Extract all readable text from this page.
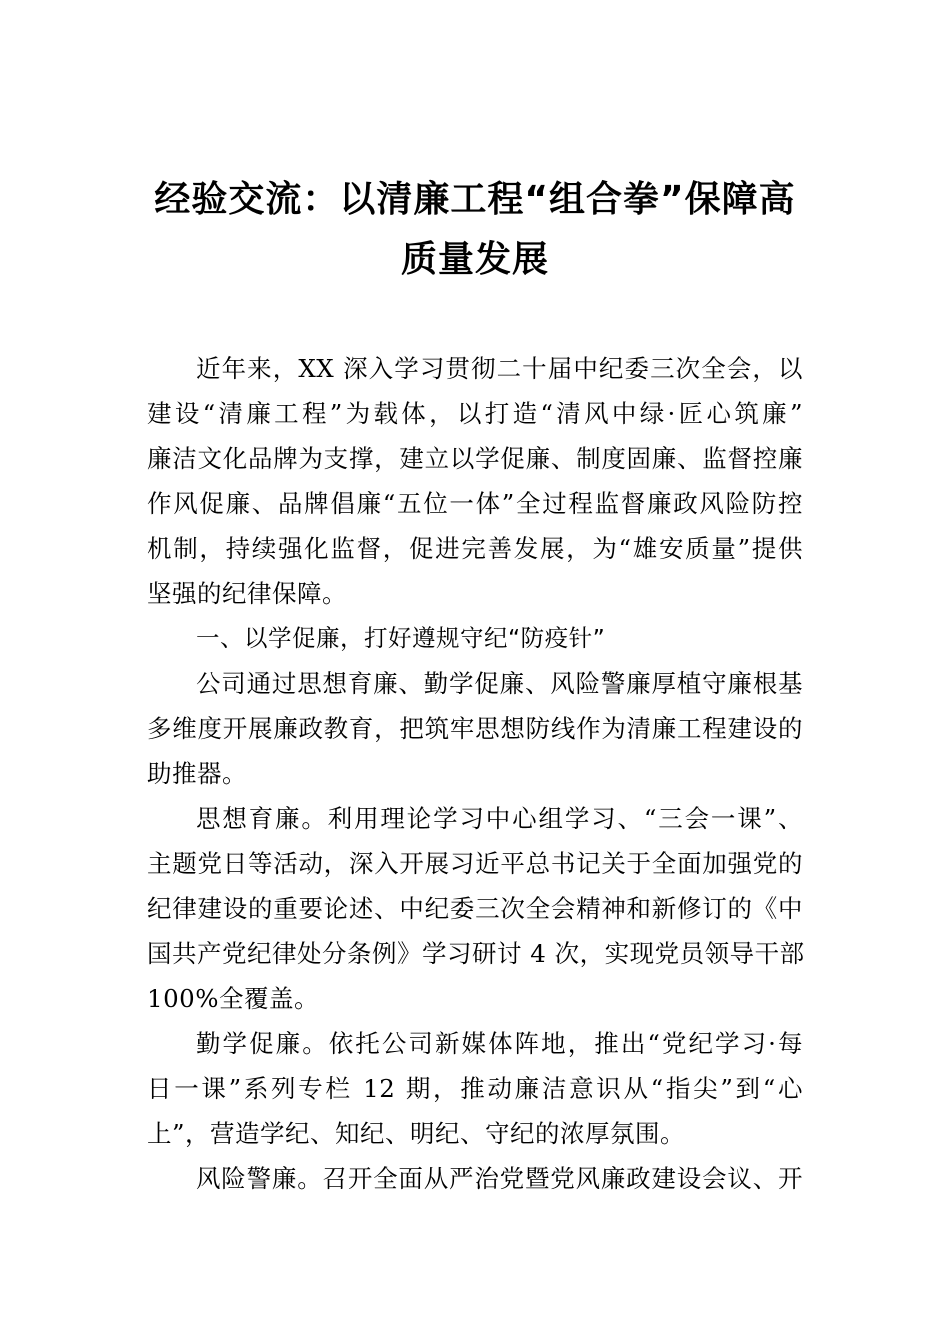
经验交流：以清廉工程“组合拳”保障高
质量发展
近年来，XX 深入学习贯彻二十届中纪委三次全会，以
建设“清廉工程”为载体，以打造“清风中绿·匠心筑廉”
廉洁文化品牌为支撑，建立以学促廉、制度固廉、监督控廉
作风促廉、品牌倡廉“五位一体”全过程监督廉政风险防控
机制，持续强化监督，促进完善发展，为“雄安质量”提供
坚强的纪律保障。
一、以学促廉，打好遵规守纪“防疫针”
公司通过思想育廉、勤学促廉、风险警廉厚植守廉根基
多维度开展廉政教育，把筑牢思想防线作为清廉工程建设的
助推器。
思想育廉。利用理论学习中心组学习、“三会一课”、
主题党日等活动，深入开展习近平总书记关于全面加强党的
纪律建设的重要论述、中纪委三次全会精神和新修订的《中
国共产党纪律处分条例》学习研讨 4 次，实现党员领导干部
100%全覆盖。
勤学促廉。依托公司新媒体阵地，推出“党纪学习·每
日一课”系列专栏 12 期，推动廉洁意识从“指尖”到“心
上”，营造学纪、知纪、明纪、守纪的浓厚氛围。
风险警廉。召开全面从严治党暨党风廉政建设会议、开
